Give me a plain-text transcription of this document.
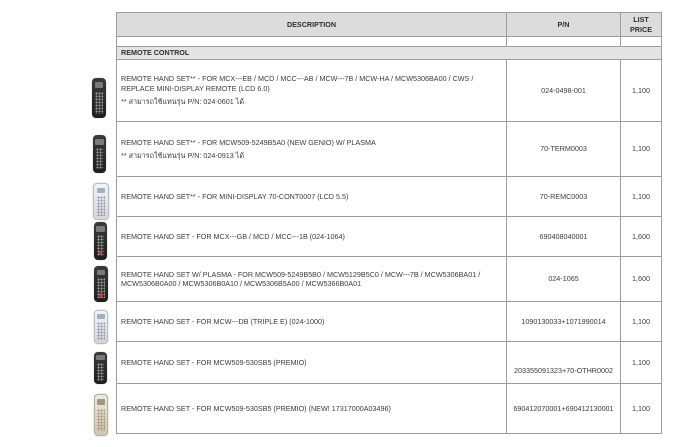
DESCRIPTION	P/N	LIST PRICE

REMOTE CONTROL		
REMOTE HAND SET** - FOR MCX---EB / MCD / MCC---AB / MCW---7B / MCW-HA / MCW5306BA00 / CWS / REPLACE MINI-DISPLAY REMOTE (LCD 6.0)
** สามารถใช้แทนรุ่น P/N: 024-0601 ได้	024-0498-001	1,100
REMOTE HAND SET** - FOR MCW509-5249B5A0 (NEW GENIO) W/ PLASMA
** สามารถใช้แทนรุ่น P/N: 024-0913 ได้	70-TERM0003	1,100
REMOTE HAND SET** - FOR MINI-DISPLAY 70-CONT0007 (LCD 5.5)	70-REMC0003	1,100
REMOTE HAND SET - FOR MCX---GB / MCD / MCC---1B (024-1064)	690408040001	1,600
REMOTE HAND SET W/ PLASMA - FOR MCW509-5249B5B0 / MCW5129B5C0 / MCW---7B / MCW5306BA01 / MCW5306B0A00 / MCW5306B0A10 / MCW5306B5A00 / MCW5366B0A01	024-1065	1,600
REMOTE HAND SET - FOR MCW---DB (TRIPLE E) (024-1000)	1090130033+1071990014	1,100
REMOTE HAND SET - FOR MCW509-530SB5 (PREMIO)	203355091323+70-OTHR0002	1,100
REMOTE HAND SET - FOR MCW509-530SB5 (PREMIO) (NEW! 17317000A03496)	690412070001+690412130001	1,100
